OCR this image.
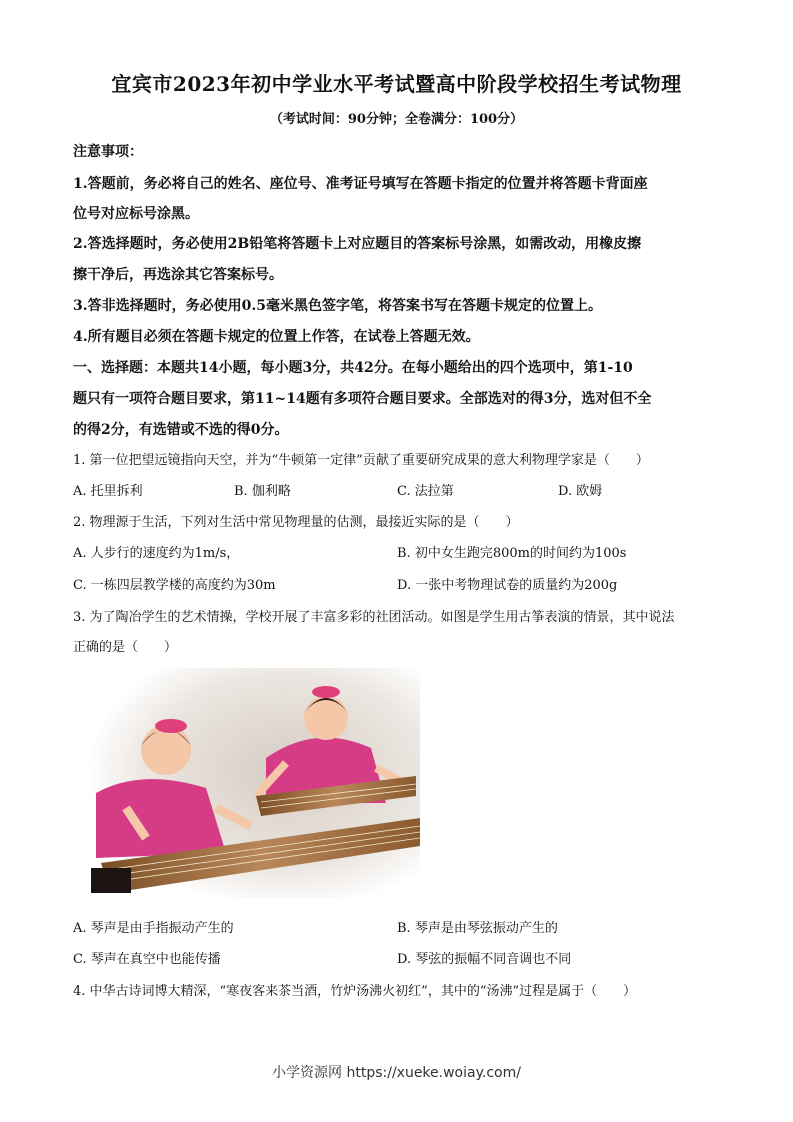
宜宾市2023年初中学业水平考试暨高中阶段学校招生考试物理
（考试时间：90分钟；全卷满分：100分）
注意事项：
1.答题前，务必将自己的姓名、座位号、准考证号填写在答题卡指定的位置并将答题卡背面座
位号对应标号涂黑。
2.答选择题时，务必使用2B铅笔将答题卡上对应题目的答案标号涂黑，如需改动，用橡皮擦
擦干净后，再选涂其它答案标号。
3.答非选择题时，务必使用0.5毫米黑色签字笔，将答案书写在答题卡规定的位置上。
4.所有题目必须在答题卡规定的位置上作答，在试卷上答题无效。
一、选择题：本题共14小题，每小题3分，共42分。在每小题给出的四个选项中，第1-10
题只有一项符合题目要求，第11~14题有多项符合题目要求。全部选对的得3分，选对但不全
的得2分，有选错或不选的得0分。
1. 第一位把望远镜指向天空，并为“牛顿第一定律”贡献了重要研究成果的意大利物理学家是（　　）
A. 托里拆利	B. 伽利略	C. 法拉第	D. 欧姆
2. 物理源于生活，下列对生活中常见物理量的估测，最接近实际的是（　　）
A. 人步行的速度约为1m/s，	B. 初中女生跑完800m的时间约为100s
C. 一栋四层教学楼的高度约为30m	D. 一张中考物理试卷的质量约为200g
3. 为了陶冶学生的艺术情操，学校开展了丰富多彩的社团活动。如图是学生用古筝表演的情景，其中说法
正确的是（　　）
A. 琴声是由手指振动产生的	B. 琴声是由琴弦振动产生的
C. 琴声在真空中也能传播	D. 琴弦的振幅不同音调也不同
4. 中华古诗词博大精深，“寒夜客来茶当酒，竹炉汤沸火初红”，其中的“汤沸”过程是属于（　　）
小学资源网 https://xueke.woiay.com/
